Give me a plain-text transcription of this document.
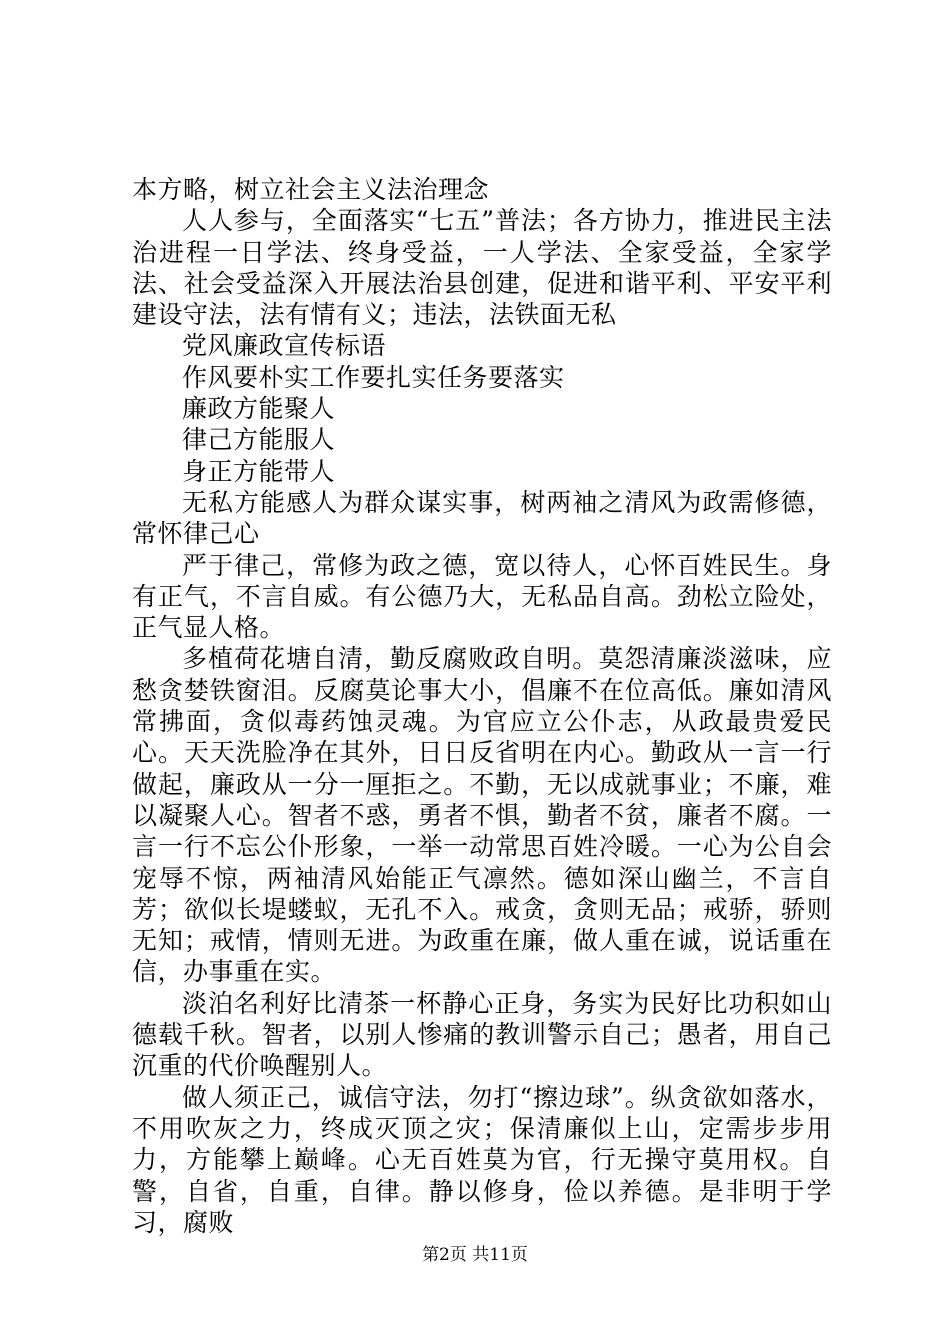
本方略，树立社会主义法治理念

人人参与，全面落实“七五”普法；各方协力，推进民主法治进程一日学法、终身受益，一人学法、全家受益，全家学法、社会受益深入开展法治县创建，促进和谐平利、平安平利建设守法，法有情有义；违法，法铁面无私

党风廉政宣传标语

作风要朴实工作要扎实任务要落实

廉政方能聚人

律己方能服人

身正方能带人

无私方能感人为群众谋实事，树两袖之清风为政需修德，常怀律己心

严于律己，常修为政之德，宽以待人，心怀百姓民生。身有正气，不言自威。有公德乃大，无私品自高。劲松立险处，正气显人格。

多植荷花塘自清，勤反腐败政自明。莫怨清廉淡滋味，应愁贪婪铁窗泪。反腐莫论事大小，倡廉不在位高低。廉如清风常拂面，贪似毒药蚀灵魂。为官应立公仆志，从政最贵爱民心。天天洗脸净在其外，日日反省明在内心。勤政从一言一行做起，廉政从一分一厘拒之。不勤，无以成就事业；不廉，难以凝聚人心。智者不惑，勇者不惧，勤者不贫，廉者不腐。一言一行不忘公仆形象，一举一动常思百姓冷暖。一心为公自会宠辱不惊，两袖清风始能正气凛然。德如深山幽兰，不言自芳；欲似长堤蝼蚁，无孔不入。戒贪，贪则无品；戒骄，骄则无知；戒情，情则无进。为政重在廉，做人重在诚，说话重在信，办事重在实。

淡泊名利好比清茶一杯静心正身，务实为民好比功积如山德载千秋。智者，以别人惨痛的教训警示自己；愚者，用自己沉重的代价唤醒别人。

做人须正己，诚信守法，勿打“擦边球”。纵贪欲如落水，不用吹灰之力，终成灭顶之灾；保清廉似上山，定需步步用力，方能攀上巅峰。心无百姓莫为官，行无操守莫用权。自警，自省，自重，自律。静以修身，俭以养德。是非明于学习，腐败

第2页 共11页
